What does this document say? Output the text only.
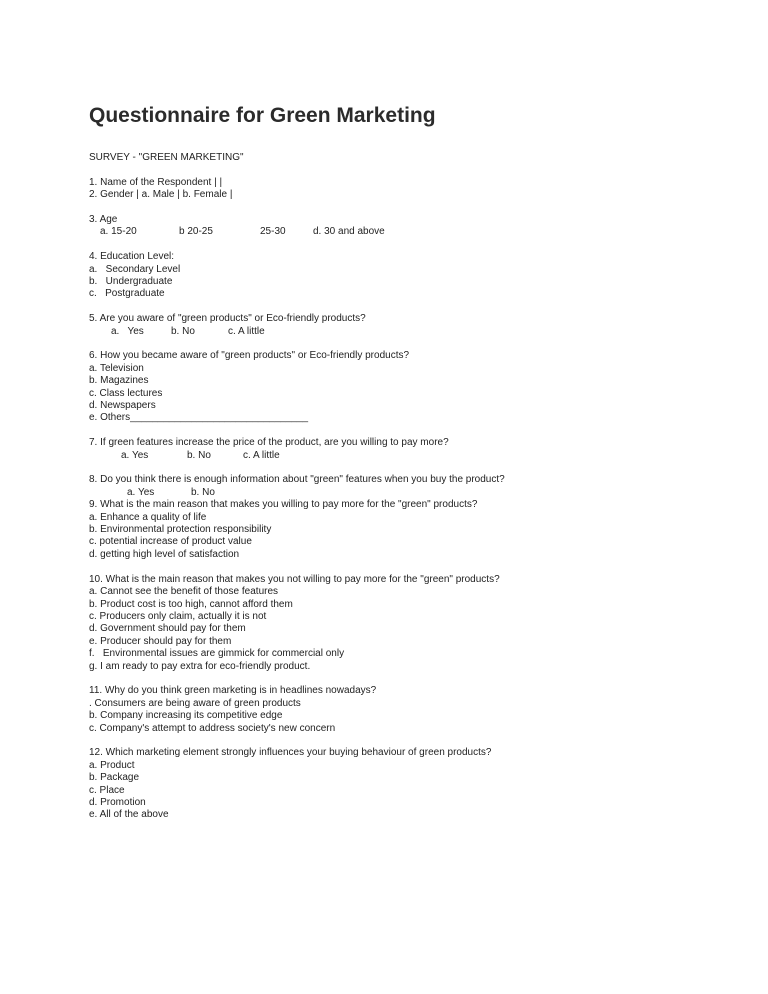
Questionnaire for Green Marketing
SURVEY - "GREEN MARKETING"
1. Name of the Respondent | |
2. Gender | a. Male | b. Female |
3. Age
a. 15-20	b 20-25	25-30	d. 30 and above
4. Education Level:
a.   Secondary Level
b.   Undergraduate
c.   Postgraduate
5. Are you aware of "green products" or Eco-friendly products?
a.   Yes	b. No	c. A little
6. How you became aware of "green products" or Eco-friendly products?
a. Television
b. Magazines
c. Class lectures
d. Newspapers
e. Others________________________________
7. If green features increase the price of the product, are you willing to pay more?
a. Yes	b. No	c. A little
8. Do you think there is enough information about "green" features when you buy the product?
a. Yes	b. No
9. What is the main reason that makes you willing to pay more for the "green" products?
a. Enhance a quality of life
b. Environmental protection responsibility
c. potential increase of product value
d. getting high level of satisfaction
10. What is the main reason that makes you not willing to pay more for the "green" products?
a. Cannot see the benefit of those features
b. Product cost is too high, cannot afford them
c. Producers only claim, actually it is not
d. Government should pay for them
e. Producer should pay for them
f.   Environmental issues are gimmick for commercial only
g. I am ready to pay extra for eco-friendly product.
11. Why do you think green marketing is in headlines nowadays?
. Consumers are being aware of green products
b. Company increasing its competitive edge
c. Company's attempt to address society's new concern
12. Which marketing element strongly influences your buying behaviour of green products?
a. Product
b. Package
c. Place
d. Promotion
e. All of the above
